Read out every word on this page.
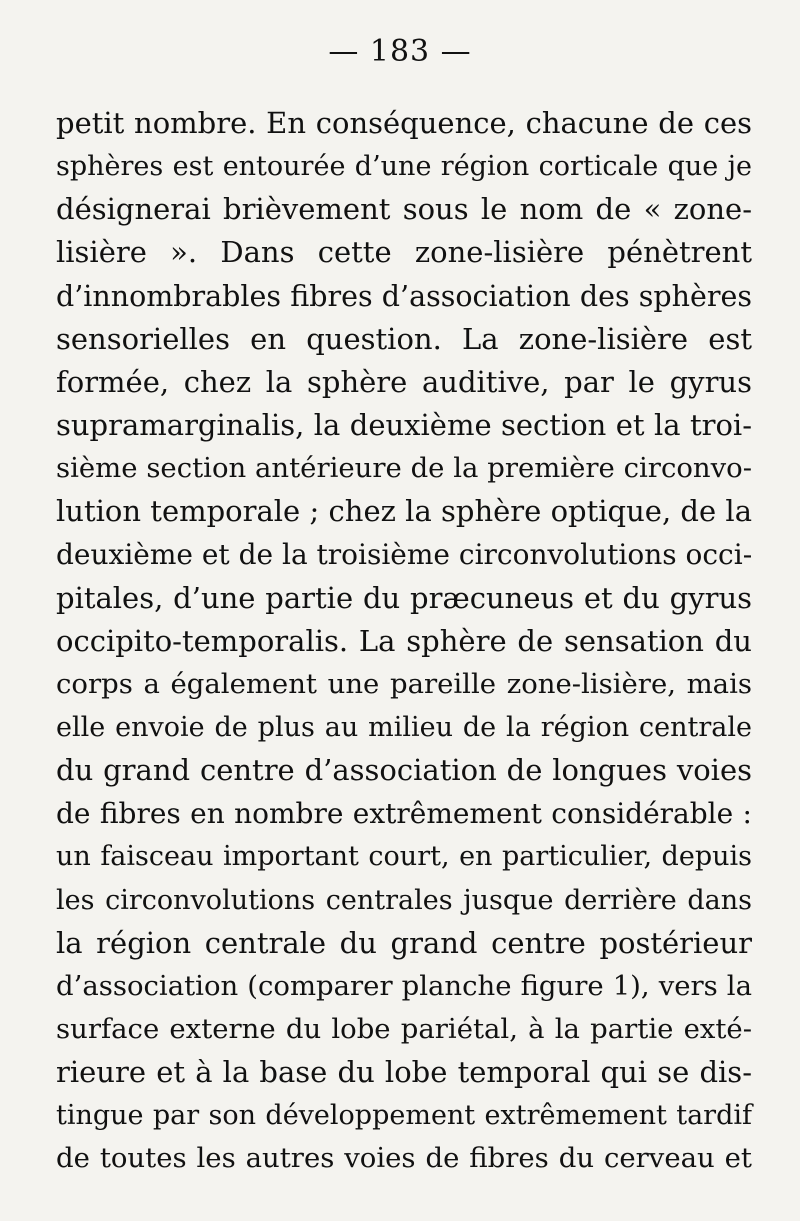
— 183 —
petit nombre. En conséquence, chacune de ces
sphères est entourée d’une région corticale que je
désignerai brièvement sous le nom de « zone-
lisière ». Dans cette zone-lisière pénètrent
d’innombrables fibres d’association des sphères
sensorielles en question. La zone-lisière est
formée, chez la sphère auditive, par le gyrus
supramarginalis, la deuxième section et la troi-
sième section antérieure de la première circonvo-
lution temporale ; chez la sphère optique, de la
deuxième et de la troisième circonvolutions occi-
pitales, d’une partie du præcuneus et du gyrus
occipito-temporalis. La sphère de sensation du
corps a également une pareille zone-lisière, mais
elle envoie de plus au milieu de la région centrale
du grand centre d’association de longues voies
de fibres en nombre extrêmement considérable :
un faisceau important court, en particulier, depuis
les circonvolutions centrales jusque derrière dans
la région centrale du grand centre postérieur
d’association (comparer planche figure 1), vers la
surface externe du lobe pariétal, à la partie exté-
rieure et à la base du lobe temporal qui se dis-
tingue par son développement extrêmement tardif
de toutes les autres voies de fibres du cerveau et
